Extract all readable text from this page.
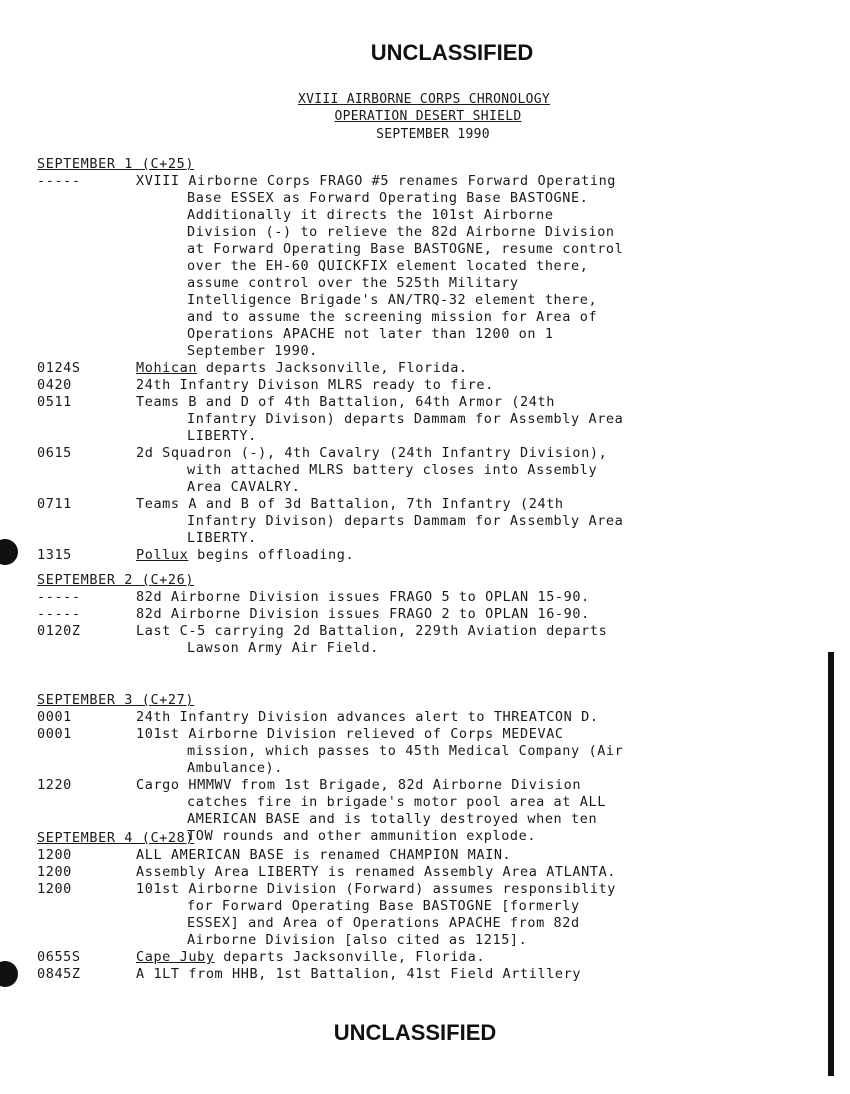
UNCLASSIFIED
XVIII AIRBORNE CORPS CHRONOLOGY
OPERATION DESERT SHIELD
SEPTEMBER 1990
SEPTEMBER 1 (C+25)
-----	XVIII Airborne Corps FRAGO #5 renames Forward Operating
Base ESSEX as Forward Operating Base BASTOGNE.
Additionally it directs the 101st Airborne
Division (-) to relieve the 82d Airborne Division
at Forward Operating Base BASTOGNE, resume control
over the EH-60 QUICKFIX element located there,
assume control over the 525th Military
Intelligence Brigade's AN/TRQ-32 element there,
and to assume the screening mission for Area of
Operations APACHE not later than 1200 on 1
September 1990.
0124S	Mohican departs Jacksonville, Florida.
0420	24th Infantry Divison MLRS ready to fire.
0511	Teams B and D of 4th Battalion, 64th Armor (24th
Infantry Divison) departs Dammam for Assembly Area
LIBERTY.
0615	2d Squadron (-), 4th Cavalry (24th Infantry Division),
with attached MLRS battery closes into Assembly
Area CAVALRY.
0711	Teams A and B of 3d Battalion, 7th Infantry (24th
Infantry Divison) departs Dammam for Assembly Area
LIBERTY.
1315	Pollux begins offloading.
SEPTEMBER 2 (C+26)
-----	82d Airborne Division issues FRAGO 5 to OPLAN 15-90.
-----	82d Airborne Division issues FRAGO 2 to OPLAN 16-90.
0120Z	Last C-5 carrying 2d Battalion, 229th Aviation departs
Lawson Army Air Field.
SEPTEMBER 3 (C+27)
0001	24th Infantry Division advances alert to THREATCON D.
0001	101st Airborne Division relieved of Corps MEDEVAC
mission, which passes to 45th Medical Company (Air
Ambulance).
1220	Cargo HMMWV from 1st Brigade, 82d Airborne Division
catches fire in brigade's motor pool area at ALL
AMERICAN BASE and is totally destroyed when ten
TOW rounds and other ammunition explode.
SEPTEMBER 4 (C+28)
1200	ALL AMERICAN BASE is renamed CHAMPION MAIN.
1200	Assembly Area LIBERTY is renamed Assembly Area ATLANTA.
1200	101st Airborne Division (Forward) assumes responsiblity
for Forward Operating Base BASTOGNE [formerly
ESSEX] and Area of Operations APACHE from 82d
Airborne Division [also cited as 1215].
0655S	Cape Juby departs Jacksonville, Florida.
0845Z	A 1LT from HHB, 1st Battalion, 41st Field Artillery
UNCLASSIFIED
